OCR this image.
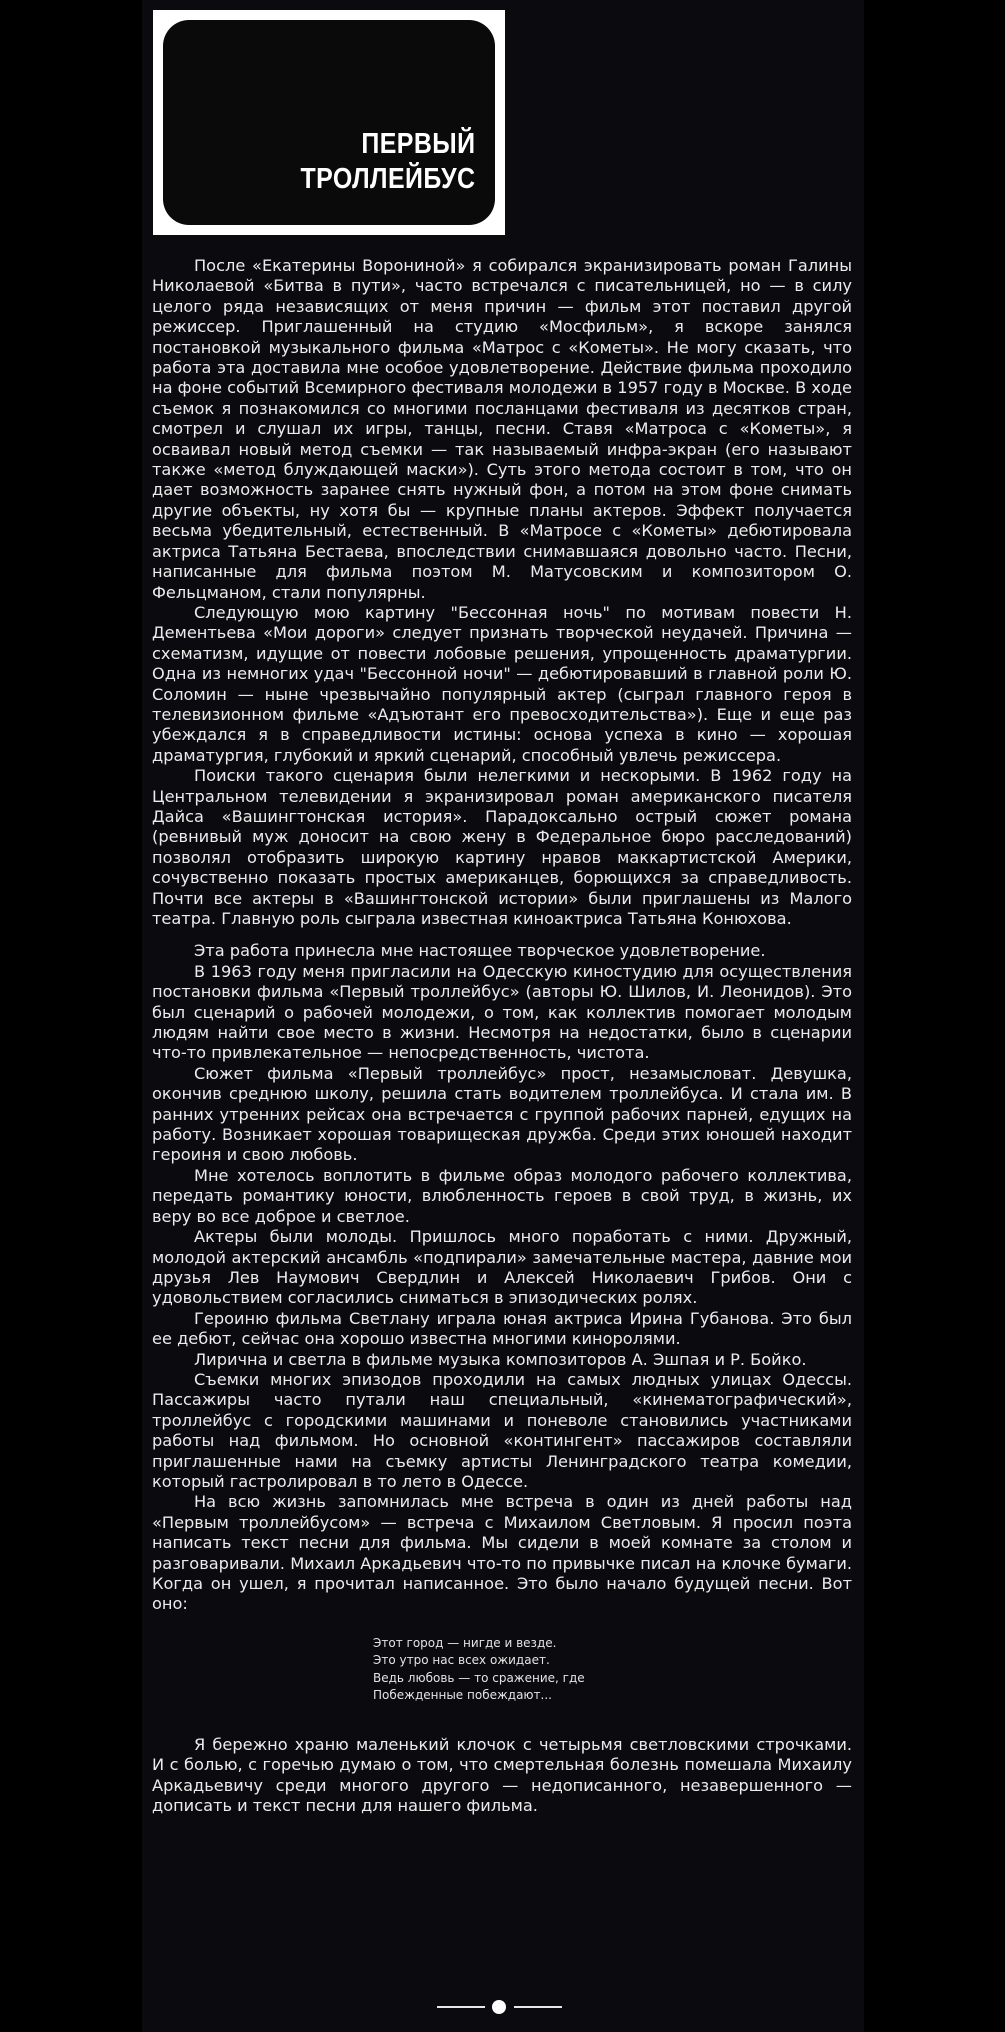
ПЕРВЫЙ
ТРОЛЛЕЙБУС

После «Екатерины Ворониной» я собирался экранизировать роман Галины Николаевой «Битва в пути», часто встречался с писательницей, но — в силу целого ряда независящих от меня причин — фильм этот поставил другой режиссер. Приглашенный на студию «Мосфильм», я вскоре занялся постановкой музыкального фильма «Матрос с «Кометы». Не могу сказать, что работа эта доставила мне особое удовлетворение. Действие фильма проходило на фоне событий Всемирного фестиваля молодежи в 1957 году в Москве. В ходе съемок я познакомился со многими посланцами фестиваля из десятков стран, смотрел и слушал их игры, танцы, песни. Ставя «Матроса с «Кометы», я осваивал новый метод съемки — так называемый инфра-экран (его называют также «метод блуждающей маски»). Суть этого метода состоит в том, что он дает возможность заранее снять нужный фон, а потом на этом фоне снимать другие объекты, ну хотя бы — крупные планы актеров. Эффект получается весьма убедительный, естественный. В «Матросе с «Кометы» дебютировала актриса Татьяна Бестаева, впоследствии снимавшаяся довольно часто. Песни, написанные для фильма поэтом М. Матусовским и композитором О. Фельцманом, стали популярны.

Следующую мою картину "Бессонная ночь" по мотивам повести Н. Дементьева «Мои дороги» следует признать творческой неудачей. Причина — схематизм, идущие от повести лобовые решения, упрощенность драматургии. Одна из немногих удач "Бессонной ночи" — дебютировавший в главной роли Ю. Соломин — ныне чрезвычайно популярный актер (сыграл главного героя в телевизионном фильме «Адъютант его превосходительства»). Еще и еще раз убеждался я в справедливости истины: основа успеха в кино — хорошая драматургия, глубокий и яркий сценарий, способный увлечь режиссера.

Поиски такого сценария были нелегкими и нескорыми. В 1962 году на Центральном телевидении я экранизировал роман американского писателя Дайса «Вашингтонская история». Парадоксально острый сюжет романа (ревнивый муж доносит на свою жену в Федеральное бюро расследований) позволял отобразить широкую картину нравов маккартистской Америки, сочувственно показать простых американцев, борющихся за справедливость. Почти все актеры в «Вашингтонской истории» были приглашены из Малого театра. Главную роль сыграла известная киноактриса Татьяна Конюхова.

Эта работа принесла мне настоящее творческое удовлетворение.

В 1963 году меня пригласили на Одесскую киностудию для осуществления постановки фильма «Первый троллейбус» (авторы Ю. Шилов, И. Леонидов). Это был сценарий о рабочей молодежи, о том, как коллектив помогает молодым людям найти свое место в жизни. Несмотря на недостатки, было в сценарии что-то привлекательное — непосредственность, чистота.

Сюжет фильма «Первый троллейбус» прост, незамысловат. Девушка, окончив среднюю школу, решила стать водителем троллейбуса. И стала им. В ранних утренних рейсах она встречается с группой рабочих парней, едущих на работу. Возникает хорошая товарищеская дружба. Среди этих юношей находит героиня и свою любовь.

Мне хотелось воплотить в фильме образ молодого рабочего коллектива, передать романтику юности, влюбленность героев в свой труд, в жизнь, их веру во все доброе и светлое.

Актеры были молоды. Пришлось много поработать с ними. Дружный, молодой актерский ансамбль «подпирали» замечательные мастера, давние мои друзья Лев Наумович Свердлин и Алексей Николаевич Грибов. Они с удовольствием согласились сниматься в эпизодических ролях.

Героиню фильма Светлану играла юная актриса Ирина Губанова. Это был ее дебют, сейчас она хорошо известна многими киноролями.

Лирична и светла в фильме музыка композиторов А. Эшпая и Р. Бойко.

Съемки многих эпизодов проходили на самых людных улицах Одессы. Пассажиры часто путали наш специальный, «кинематографический», троллейбус с городскими машинами и поневоле становились участниками работы над фильмом. Но основной «контингент» пассажиров составляли приглашенные нами на съемку артисты Ленинградского театра комедии, который гастролировал в то лето в Одессе.

На всю жизнь запомнилась мне встреча в один из дней работы над «Первым троллейбусом» — встреча с Михаилом Светловым. Я просил поэта написать текст песни для фильма. Мы сидели в моей комнате за столом и разговаривали. Михаил Аркадьевич что-то по привычке писал на клочке бумаги. Когда он ушел, я прочитал написанное. Это было начало будущей песни. Вот оно:

Этот город — нигде и везде.
Это утро нас всех ожидает.
Ведь любовь — то сражение, где
Побежденные побеждают...

Я бережно храню маленький клочок с четырьмя светловскими строчками. И с болью, с горечью думаю о том, что смертельная болезнь помешала Михаилу Аркадьевичу среди многого другого — недописанного, незавершенного — дописать и текст песни для нашего фильма.
